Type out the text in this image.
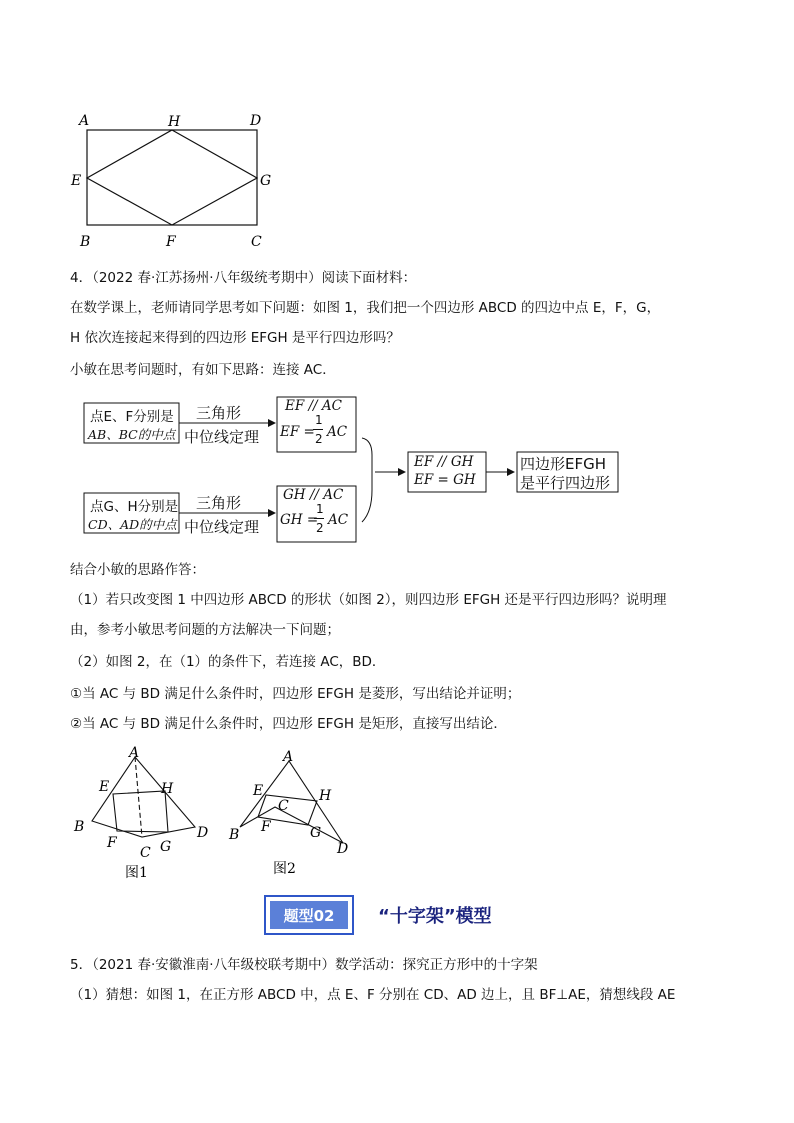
A	H	D
E	G
B	F	C
4．（2022 春·江苏扬州·八年级统考期中）阅读下面材料：
在数学课上，老师请同学思考如下问题：如图 1，我们把一个四边形 ABCD 的四边中点 E，F，G，
H 依次连接起来得到的四边形 EFGH 是平行四边形吗？
小敏在思考问题时，有如下思路：连接 AC．
点E、F分别是
AB、BC的中点
三角形
中位线定理
EF // AC
EF =
1
2 AC
点G、H分别是
CD、AD的中点
三角形
中位线定理
GH // AC
GH =
1
2 AC
EF // GH
EF = GH
四边形EFGH
是平行四边形
结合小敏的思路作答：
（1）若只改变图 1 中四边形 ABCD 的形状（如图 2），则四边形 EFGH 还是平行四边形吗？说明理
由，参考小敏思考问题的方法解决一下问题；
（2）如图 2，在（1）的条件下，若连接 AC，BD．
①当 AC 与 BD 满足什么条件时，四边形 EFGH 是菱形，写出结论并证明；
②当 AC 与 BD 满足什么条件时，四边形 EFGH 是矩形，直接写出结论．
A
E	H
B	D
F
C G
图1
A
E
C
H
B F	G
D
图2
题型02	“十字架”模型
5．（2021 春·安徽淮南·八年级校联考期中）数学活动：探究正方形中的十字架
（1）猜想：如图 1，在正方形 ABCD 中，点 E、F 分别在 CD、AD 边上，且 BF⊥AE，猜想线段 AE
